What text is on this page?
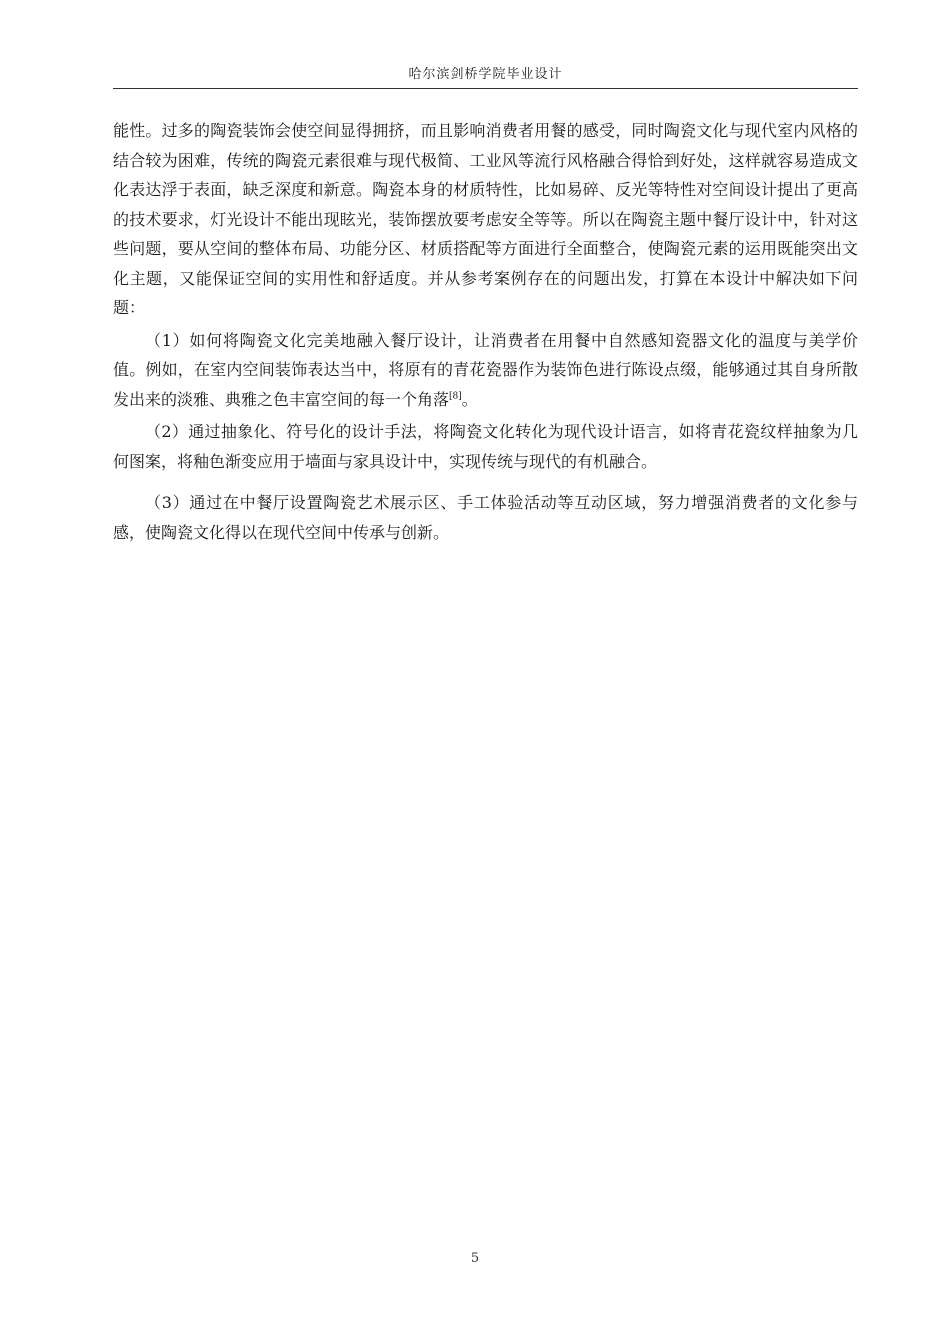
哈尔滨剑桥学院毕业设计

能性。过多的陶瓷装饰会使空间显得拥挤，而且影响消费者用餐的感受，同时陶瓷文化与现代室内风格的结合较为困难，传统的陶瓷元素很难与现代极简、工业风等流行风格融合得恰到好处，这样就容易造成文化表达浮于表面，缺乏深度和新意。陶瓷本身的材质特性，比如易碎、反光等特性对空间设计提出了更高的技术要求，灯光设计不能出现眩光，装饰摆放要考虑安全等等。所以在陶瓷主题中餐厅设计中，针对这些问题，要从空间的整体布局、功能分区、材质搭配等方面进行全面整合，使陶瓷元素的运用既能突出文化主题，又能保证空间的实用性和舒适度。并从参考案例存在的问题出发，打算在本设计中解决如下问题：

（1）如何将陶瓷文化完美地融入餐厅设计，让消费者在用餐中自然感知瓷器文化的温度与美学价值。例如，在室内空间装饰表达当中，将原有的青花瓷器作为装饰色进行陈设点缀，能够通过其自身所散发出来的淡雅、典雅之色丰富空间的每一个角落[8]。

（2）通过抽象化、符号化的设计手法，将陶瓷文化转化为现代设计语言，如将青花瓷纹样抽象为几何图案，将釉色渐变应用于墙面与家具设计中，实现传统与现代的有机融合。

（3）通过在中餐厅设置陶瓷艺术展示区、手工体验活动等互动区域，努力增强消费者的文化参与感，使陶瓷文化得以在现代空间中传承与创新。

5
